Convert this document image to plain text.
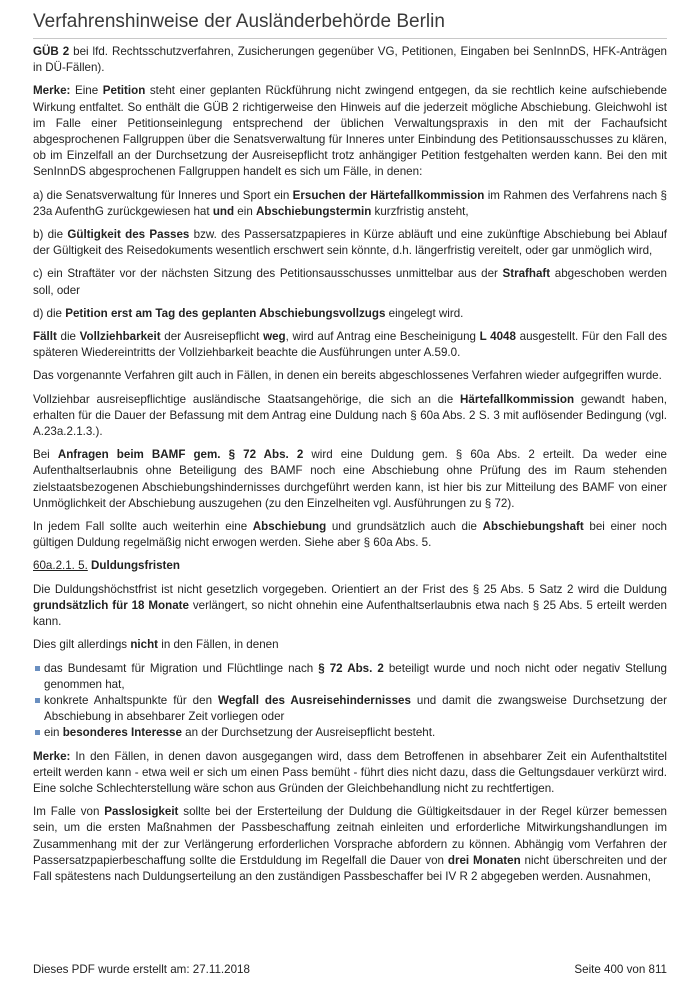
Verfahrenshinweise der Ausländerbehörde Berlin

GÜB 2 bei lfd. Rechtsschutzverfahren, Zusicherungen gegenüber VG, Petitionen, Eingaben bei SenInnDS, HFK-Anträgen in DÜ-Fällen).

Merke: Eine Petition steht einer geplanten Rückführung nicht zwingend entgegen, da sie rechtlich keine aufschiebende Wirkung entfaltet. So enthält die GÜB 2 richtigerweise den Hinweis auf die jederzeit mögliche Abschiebung. Gleichwohl ist im Falle einer Petitionseinlegung entsprechend der üblichen Verwaltungspraxis in den mit der Fachaufsicht abgesprochenen Fallgruppen über die Senatsverwaltung für Inneres unter Einbindung des Petitionsausschusses zu klären, ob im Einzelfall an der Durchsetzung der Ausreisepflicht trotz anhängiger Petition festgehalten werden kann. Bei den mit SenInnDS abgesprochenen Fallgruppen handelt es sich um Fälle, in denen:

a) die Senatsverwaltung für Inneres und Sport ein Ersuchen der Härtefallkommission im Rahmen des Verfahrens nach § 23a AufenthG zurückgewiesen hat und ein Abschiebungstermin kurzfristig ansteht,

b) die Gültigkeit des Passes bzw. des Passersatzpapieres in Kürze abläuft und eine zukünftige Abschiebung bei Ablauf der Gültigkeit des Reisedokuments wesentlich erschwert sein könnte, d.h. längerfristig vereitelt, oder gar unmöglich wird,

c) ein Straftäter vor der nächsten Sitzung des Petitionsausschusses unmittelbar aus der Strafhaft abgeschoben werden soll, oder

d) die Petition erst am Tag des geplanten Abschiebungsvollzugs eingelegt wird.

Fällt die Vollziehbarkeit der Ausreisepflicht weg, wird auf Antrag eine Bescheinigung L 4048 ausgestellt. Für den Fall des späteren Wiedereintritts der Vollziehbarkeit beachte die Ausführungen unter A.59.0.

Das vorgenannte Verfahren gilt auch in Fällen, in denen ein bereits abgeschlossenes Verfahren wieder aufgegriffen wurde.

Vollziehbar ausreisepflichtige ausländische Staatsangehörige, die sich an die Härtefallkommission gewandt haben, erhalten für die Dauer der Befassung mit dem Antrag eine Duldung nach § 60a Abs. 2 S. 3 mit auflösender Bedingung (vgl. A.23a.2.1.3.).

Bei Anfragen beim BAMF gem. § 72 Abs. 2 wird eine Duldung gem. § 60a Abs. 2 erteilt. Da weder eine Aufenthaltserlaubnis ohne Beteiligung des BAMF noch eine Abschiebung ohne Prüfung des im Raum stehenden zielstaatsbezogenen Abschiebungshindernisses durchgeführt werden kann, ist hier bis zur Mitteilung des BAMF von einer Unmöglichkeit der Abschiebung auszugehen (zu den Einzelheiten vgl. Ausführungen zu § 72).

In jedem Fall sollte auch weiterhin eine Abschiebung und grundsätzlich auch die Abschiebungshaft bei einer noch gültigen Duldung regelmäßig nicht erwogen werden. Siehe aber § 60a Abs. 5.

60a.2.1. 5. Duldungsfristen

Die Duldungshöchstfrist ist nicht gesetzlich vorgegeben. Orientiert an der Frist des § 25 Abs. 5 Satz 2 wird die Duldung grundsätzlich für 18 Monate verlängert, so nicht ohnehin eine Aufenthaltserlaubnis etwa nach § 25 Abs. 5 erteilt werden kann.

Dies gilt allerdings nicht in den Fällen, in denen

das Bundesamt für Migration und Flüchtlinge nach § 72 Abs. 2 beteiligt wurde und noch nicht oder negativ Stellung genommen hat,
konkrete Anhaltspunkte für den Wegfall des Ausreisehindernisses und damit die zwangsweise Durchsetzung der Abschiebung in absehbarer Zeit vorliegen oder
ein besonderes Interesse an der Durchsetzung der Ausreisepflicht besteht.

Merke: In den Fällen, in denen davon ausgegangen wird, dass dem Betroffenen in absehbarer Zeit ein Aufenthaltstitel erteilt werden kann - etwa weil er sich um einen Pass bemüht - führt dies nicht dazu, dass die Geltungsdauer verkürzt wird. Eine solche Schlechterstellung wäre schon aus Gründen der Gleichbehandlung nicht zu rechtfertigen.

Im Falle von Passlosigkeit sollte bei der Ersterteilung der Duldung die Gültigkeitsdauer in der Regel kürzer bemessen sein, um die ersten Maßnahmen der Passbeschaffung zeitnah einleiten und erforderliche Mitwirkungshandlungen im Zusammenhang mit der zur Verlängerung erforderlichen Vorsprache abfordern zu können. Abhängig vom Verfahren der Passersatzpapierbeschaffung sollte die Erstduldung im Regelfall die Dauer von drei Monaten nicht überschreiten und der Fall spätestens nach Duldungserteilung an den zuständigen Passbeschaffer bei IV R 2 abgegeben werden. Ausnahmen,

Dieses PDF wurde erstellt am: 27.11.2018	Seite 400 von 811
